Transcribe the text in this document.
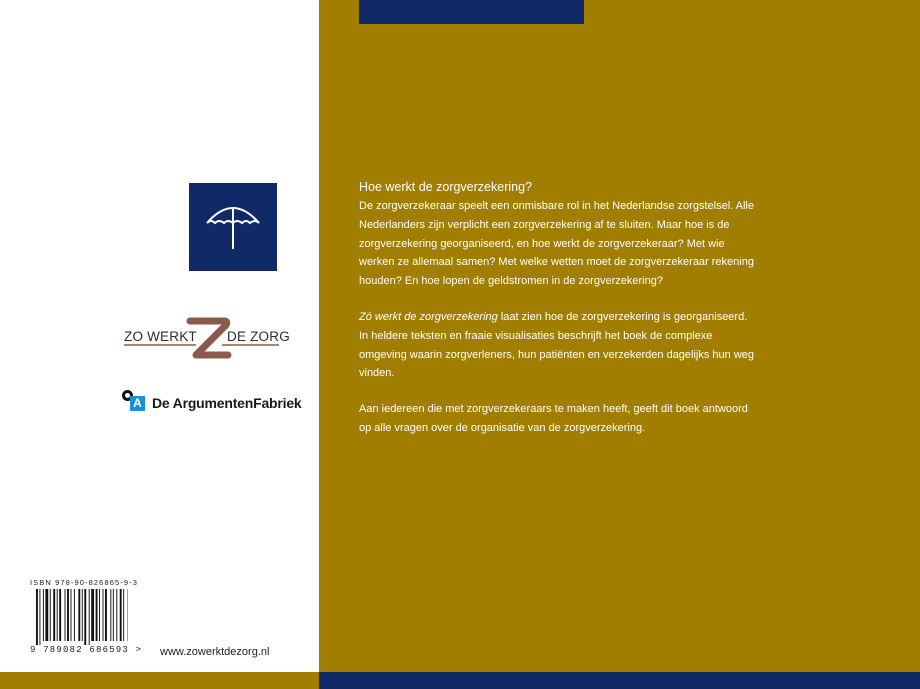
ZO WERKT DE ZORG
A De ArgumentenFabriek
ISBN 978-90-826865-9-3
9 789082 686593 > www.zowerktdezorg.nl

Hoe werkt de zorgverzekering?

De zorgverzekeraar speelt een onmisbare rol in het Nederlandse zorgstelsel. Alle Nederlanders zijn verplicht een zorgverzekering af te sluiten. Maar hoe is de zorgverzekering georganiseerd, en hoe werkt de zorgverzekeraar? Met wie werken ze allemaal samen? Met welke wetten moet de zorgverzekeraar rekening houden? En hoe lopen de geldstromen in de zorgverzekering?

Zó werkt de zorgverzekering laat zien hoe de zorgverzekering is georganiseerd. In heldere teksten en fraaie visualisaties beschrijft het boek de complexe omgeving waarin zorgverleners, hun patiënten en verzekerden dagelijks hun weg vinden.

Aan iedereen die met zorgverzekeraars te maken heeft, geeft dit boek antwoord op alle vragen over de organisatie van de zorgverzekering.
